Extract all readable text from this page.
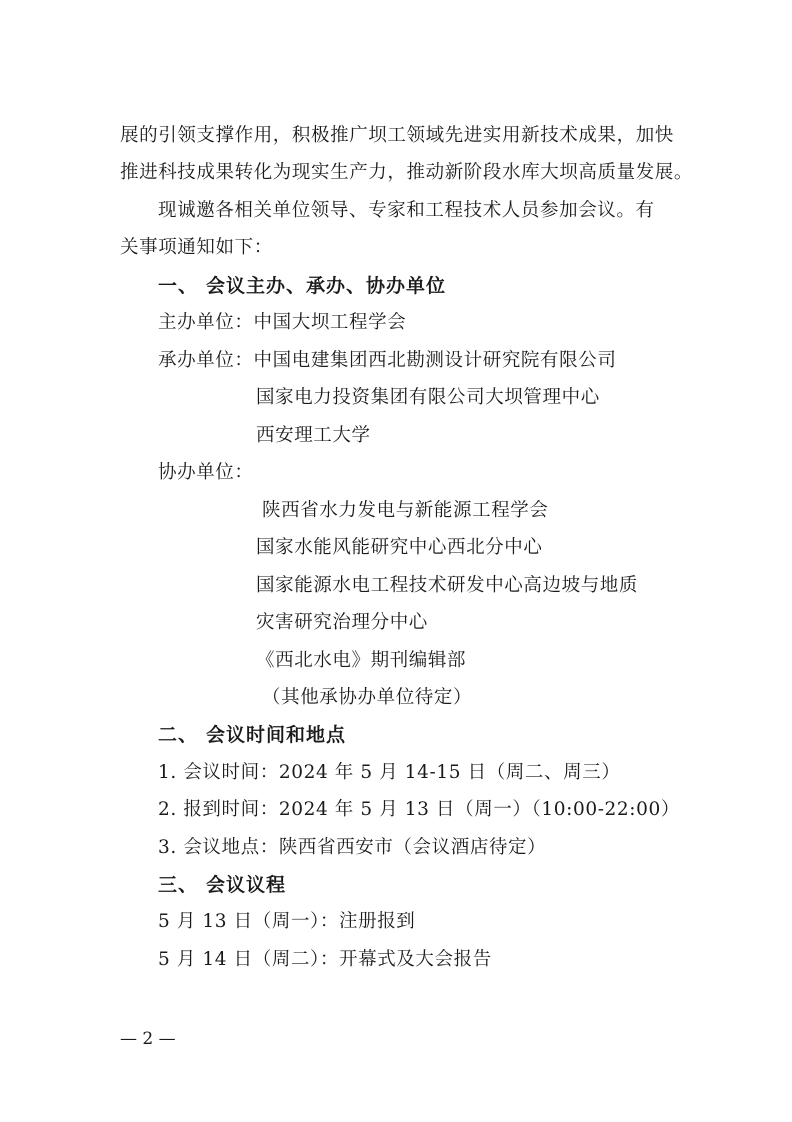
展的引领支撑作用，积极推广坝工领域先进实用新技术成果，加快
推进科技成果转化为现实生产力，推动新阶段水库大坝高质量发展。
现诚邀各相关单位领导、专家和工程技术人员参加会议。有
关事项通知如下：
一、 会议主办、承办、协办单位
主办单位：中国大坝工程学会
承办单位：中国电建集团西北勘测设计研究院有限公司
国家电力投资集团有限公司大坝管理中心
西安理工大学
协办单位：
陕西省水力发电与新能源工程学会
国家水能风能研究中心西北分中心
国家能源水电工程技术研发中心高边坡与地质
灾害研究治理分中心
《西北水电》期刊编辑部
（其他承协办单位待定）
二、 会议时间和地点
1. 会议时间：2024 年 5 月 14-15 日（周二、周三）
2. 报到时间：2024 年 5 月 13 日（周一）（10:00-22:00）
3. 会议地点：陕西省西安市（会议酒店待定）
三、 会议议程
5 月 13 日（周一）：注册报到
5 月 14 日（周二）：开幕式及大会报告
— 2 —
